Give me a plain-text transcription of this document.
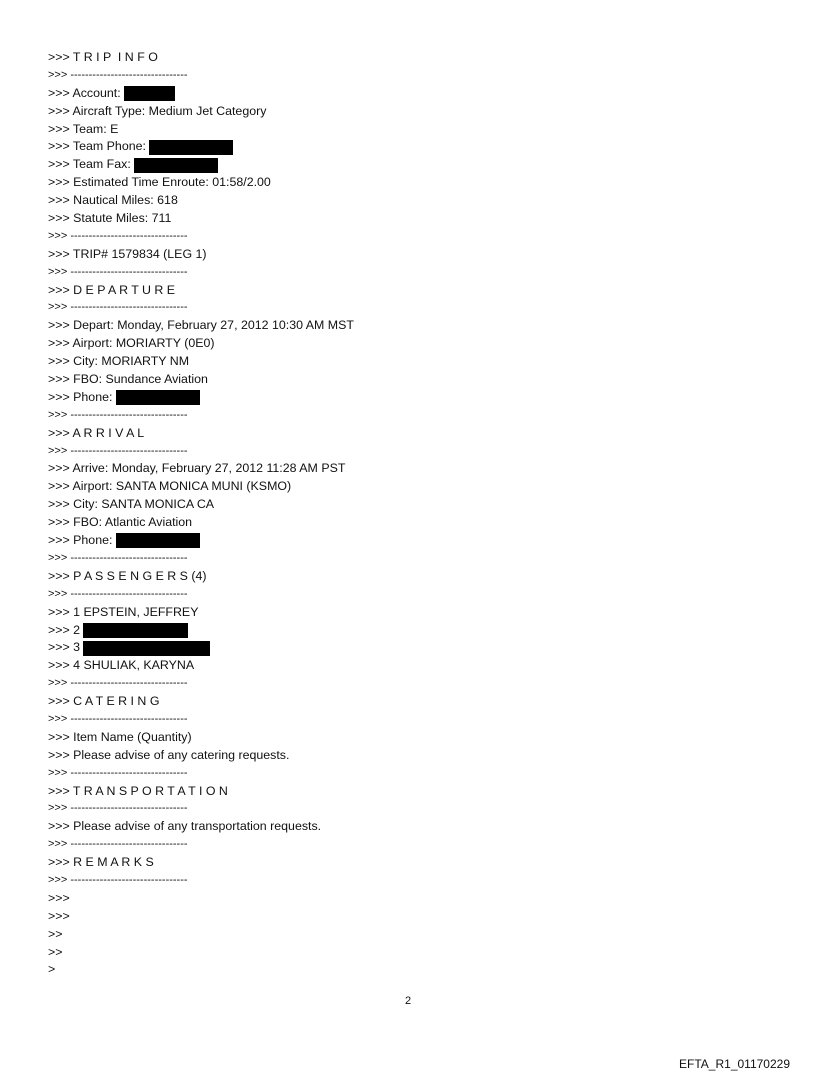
>>> T R I P  I N F O
>>> --------------------------------
>>> Account:
>>> Aircraft Type: Medium Jet Category
>>> Team: E
>>> Team Phone:
>>> Team Fax:
>>> Estimated Time Enroute: 01:58/2.00
>>> Nautical Miles: 618
>>> Statute Miles: 711
>>> --------------------------------
>>> TRIP# 1579834 (LEG 1)
>>> --------------------------------
>>> D E P A R T U R E
>>> --------------------------------
>>> Depart: Monday, February 27, 2012 10:30 AM MST
>>> Airport: MORIARTY (0E0)
>>> City: MORIARTY NM
>>> FBO: Sundance Aviation
>>> Phone:
>>> --------------------------------
>>> A R R I V A L
>>> --------------------------------
>>> Arrive: Monday, February 27, 2012 11:28 AM PST
>>> Airport: SANTA MONICA MUNI (KSMO)
>>> City: SANTA MONICA CA
>>> FBO: Atlantic Aviation
>>> Phone:
>>> --------------------------------
>>> P A S S E N G E R S (4)
>>> --------------------------------
>>> 1 EPSTEIN, JEFFREY
>>> 2
>>> 3
>>> 4 SHULIAK, KARYNA
>>> --------------------------------
>>> C A T E R I N G
>>> --------------------------------
>>> Item Name (Quantity)
>>> Please advise of any catering requests.
>>> --------------------------------
>>> T R A N S P O R T A T I O N
>>> --------------------------------
>>> Please advise of any transportation requests.
>>> --------------------------------
>>> R E M A R K S
>>> --------------------------------
>>>
>>>
>>
>>
>
2
EFTA_R1_01170229
